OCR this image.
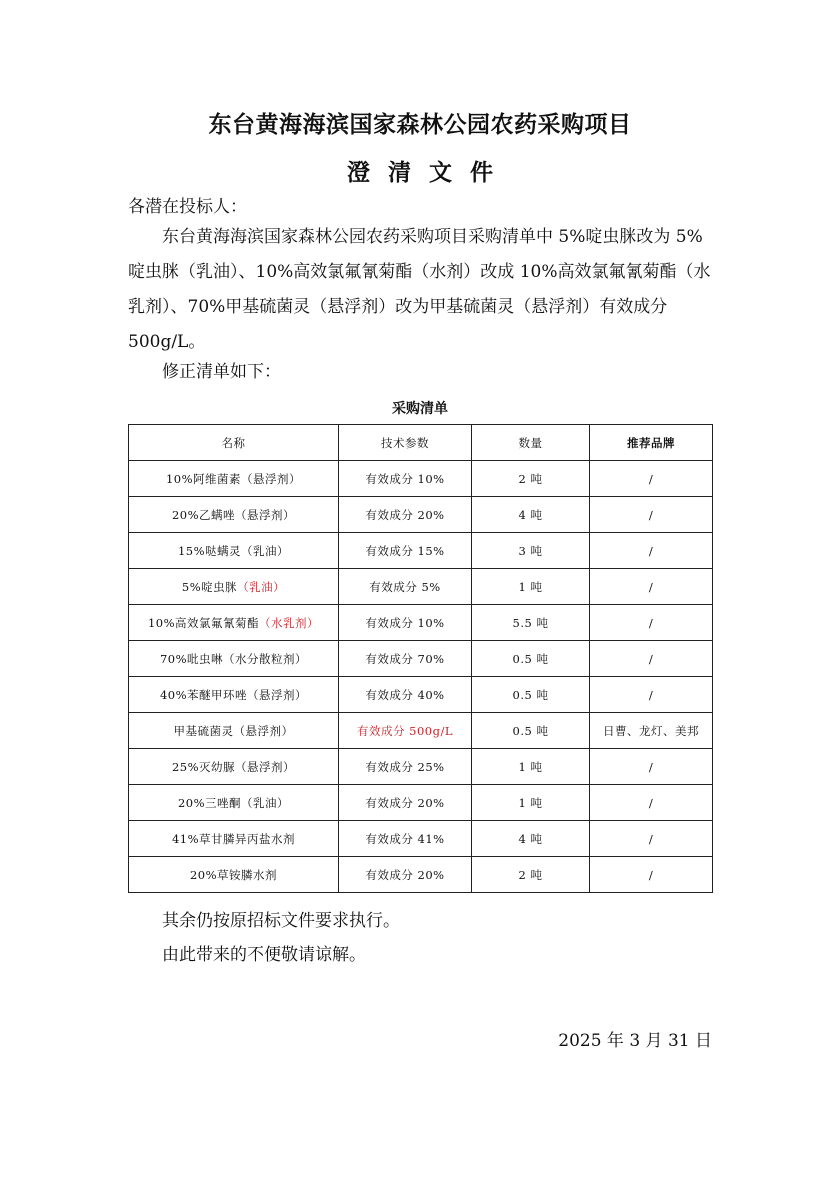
东台黄海海滨国家森林公园农药采购项目
澄清文件
各潜在投标人：
东台黄海海滨国家森林公园农药采购项目采购清单中 5%啶虫脒改为 5%啶虫脒（乳油）、10%高效氯氟氰菊酯（水剂）改成 10%高效氯氟氰菊酯（水乳剂）、70%甲基硫菌灵（悬浮剂）改为甲基硫菌灵（悬浮剂）有效成分 500g/L。
修正清单如下：
采购清单
名称	技术参数	数量	推荐品牌
10%阿维菌素（悬浮剂）	有效成分 10%	2 吨	/
20%乙螨唑（悬浮剂）	有效成分 20%	4 吨	/
15%哒螨灵（乳油）	有效成分 15%	3 吨	/
5%啶虫脒（乳油）	有效成分 5%	1 吨	/
10%高效氯氟氰菊酯（水乳剂）	有效成分 10%	5.5 吨	/
70%吡虫啉（水分散粒剂）	有效成分 70%	0.5 吨	/
40%苯醚甲环唑（悬浮剂）	有效成分 40%	0.5 吨	/
甲基硫菌灵（悬浮剂）	有效成分 500g/L	0.5 吨	日曹、龙灯、美邦
25%灭幼脲（悬浮剂）	有效成分 25%	1 吨	/
20%三唑酮（乳油）	有效成分 20%	1 吨	/
41%草甘膦异丙盐水剂	有效成分 41%	4 吨	/
20%草铵膦水剂	有效成分 20%	2 吨	/
其余仍按原招标文件要求执行。
由此带来的不便敬请谅解。
2025 年 3 月 31 日
